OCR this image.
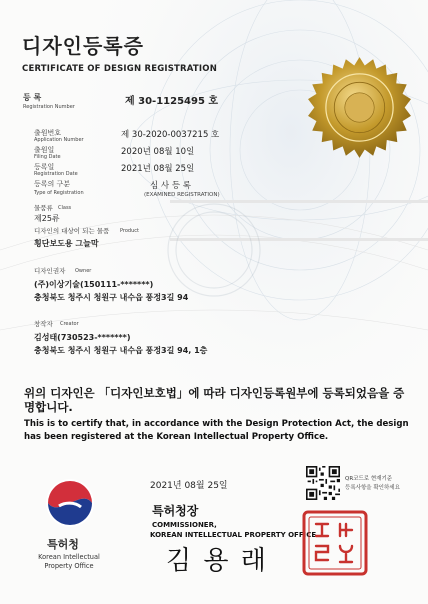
디자인등록증
CERTIFICATE OF DESIGN REGISTRATION
등 록
Registration Number	제 30-1125495 호
출원번호
Application Number	제 30-2020-0037215 호
출원일
Filing Date	2020년 08월 10일
등록일
Registration Date	2021년 08월 25일
등록의 구분
Type of Registration
심 사 등 록
(EXAMINED REGISTRATION)
물품류 Class
제25류
디자인의 대상이 되는 물품 Product
횡단보도용 그늘막
디자인권자 Owner
(주)이상기술(150111-*******)
충청북도 청주시 청원구 내수읍 풍정3길 94
창작자 Creator
김성태(730523-*******)
충청북도 청주시 청원구 내수읍 풍정3길 94, 1층
위의 디자인은 「디자인보호법」에 따라 디자인등록원부에 등록되었음을 증명합니다.
This is to certify that, in accordance with the Design Protection Act, the design has been registered at the Korean Intellectual Property Office.
2021년 08월 25일
특허청
Korean Intellectual
Property Office
특허청장
COMMISSIONER,
KOREAN INTELLECTUAL PROPERTY OFFICE
김 용 래
QR코드로 현재기준
등록사항을 확인하세요
